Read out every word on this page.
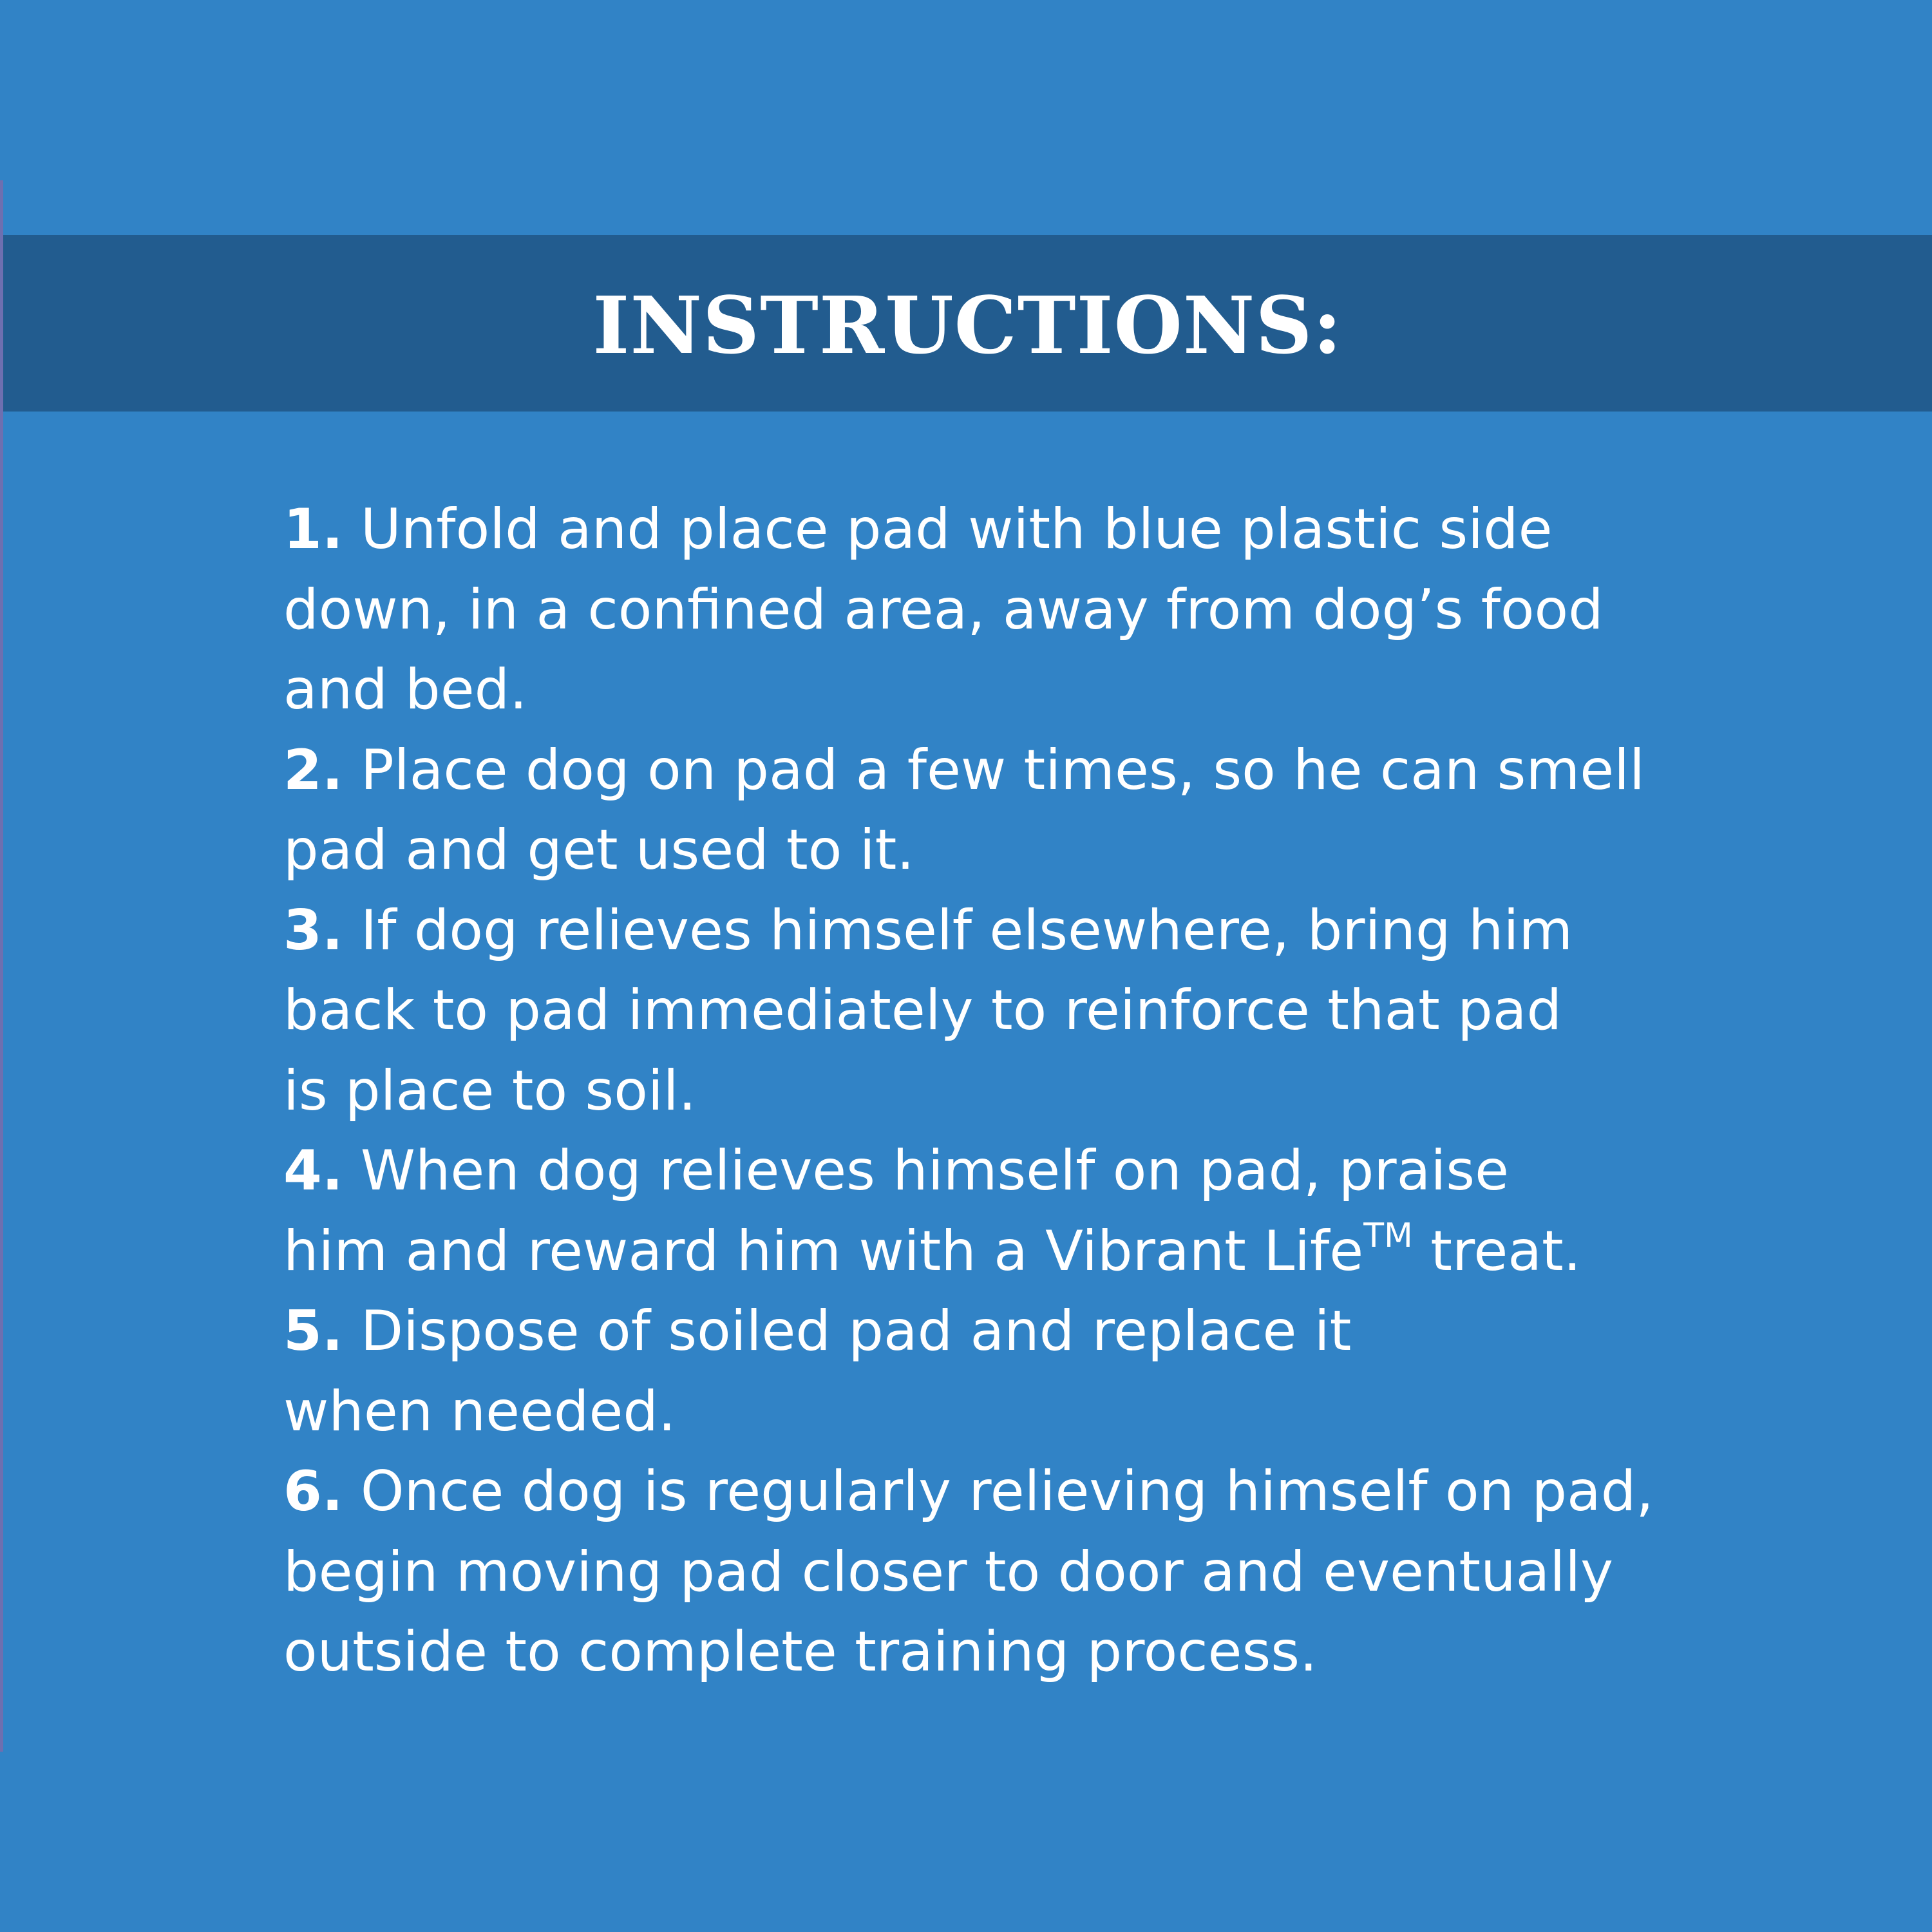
INSTRUCTIONS:
1. Unfold and place pad with blue plastic side
down, in a confined area, away from dog’s food
and bed.
2. Place dog on pad a few times, so he can smell
pad and get used to it.
3. If dog relieves himself elsewhere, bring him
back to pad immediately to reinforce that pad
is place to soil.
4. When dog relieves himself on pad, praise
him and reward him with a Vibrant Life™ treat.
5. Dispose of soiled pad and replace it
when needed.
6. Once dog is regularly relieving himself on pad,
begin moving pad closer to door and eventually
outside to complete training process.
